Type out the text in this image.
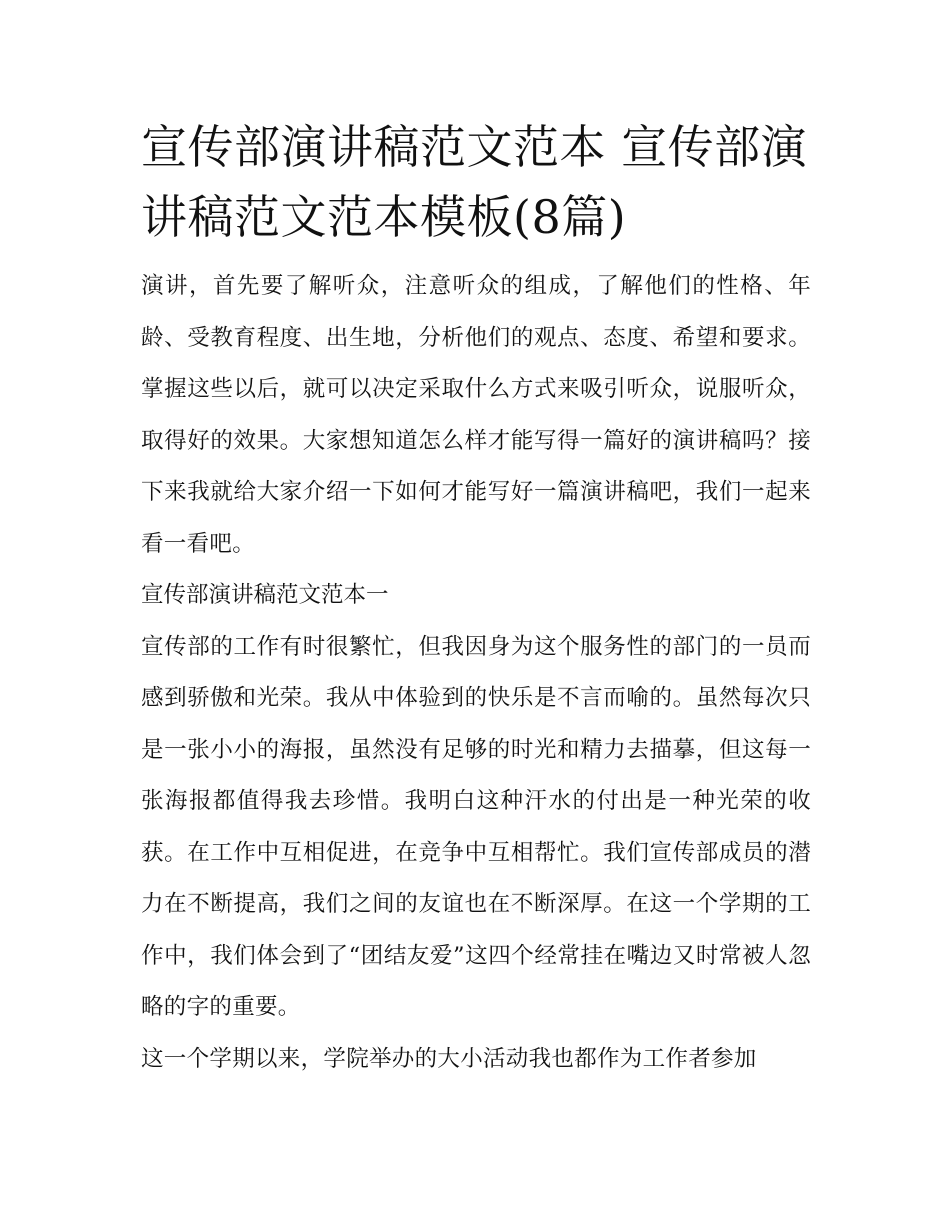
宣传部演讲稿范文范本 宣传部演讲稿范文范本模板(8篇)

演讲，首先要了解听众，注意听众的组成，了解他们的性格、年龄、受教育程度、出生地，分析他们的观点、态度、希望和要求。掌握这些以后，就可以决定采取什么方式来吸引听众，说服听众，取得好的效果。大家想知道怎么样才能写得一篇好的演讲稿吗？接下来我就给大家介绍一下如何才能写好一篇演讲稿吧，我们一起来看一看吧。

宣传部演讲稿范文范本一

宣传部的工作有时很繁忙，但我因身为这个服务性的部门的一员而感到骄傲和光荣。我从中体验到的快乐是不言而喻的。虽然每次只是一张小小的海报，虽然没有足够的时光和精力去描摹，但这每一张海报都值得我去珍惜。我明白这种汗水的付出是一种光荣的收获。在工作中互相促进，在竞争中互相帮忙。我们宣传部成员的潜力在不断提高，我们之间的友谊也在不断深厚。在这一个学期的工作中，我们体会到了“团结友爱”这四个经常挂在嘴边又时常被人忽略的字的重要。

这一个学期以来，学院举办的大小活动我也都作为工作者参加
